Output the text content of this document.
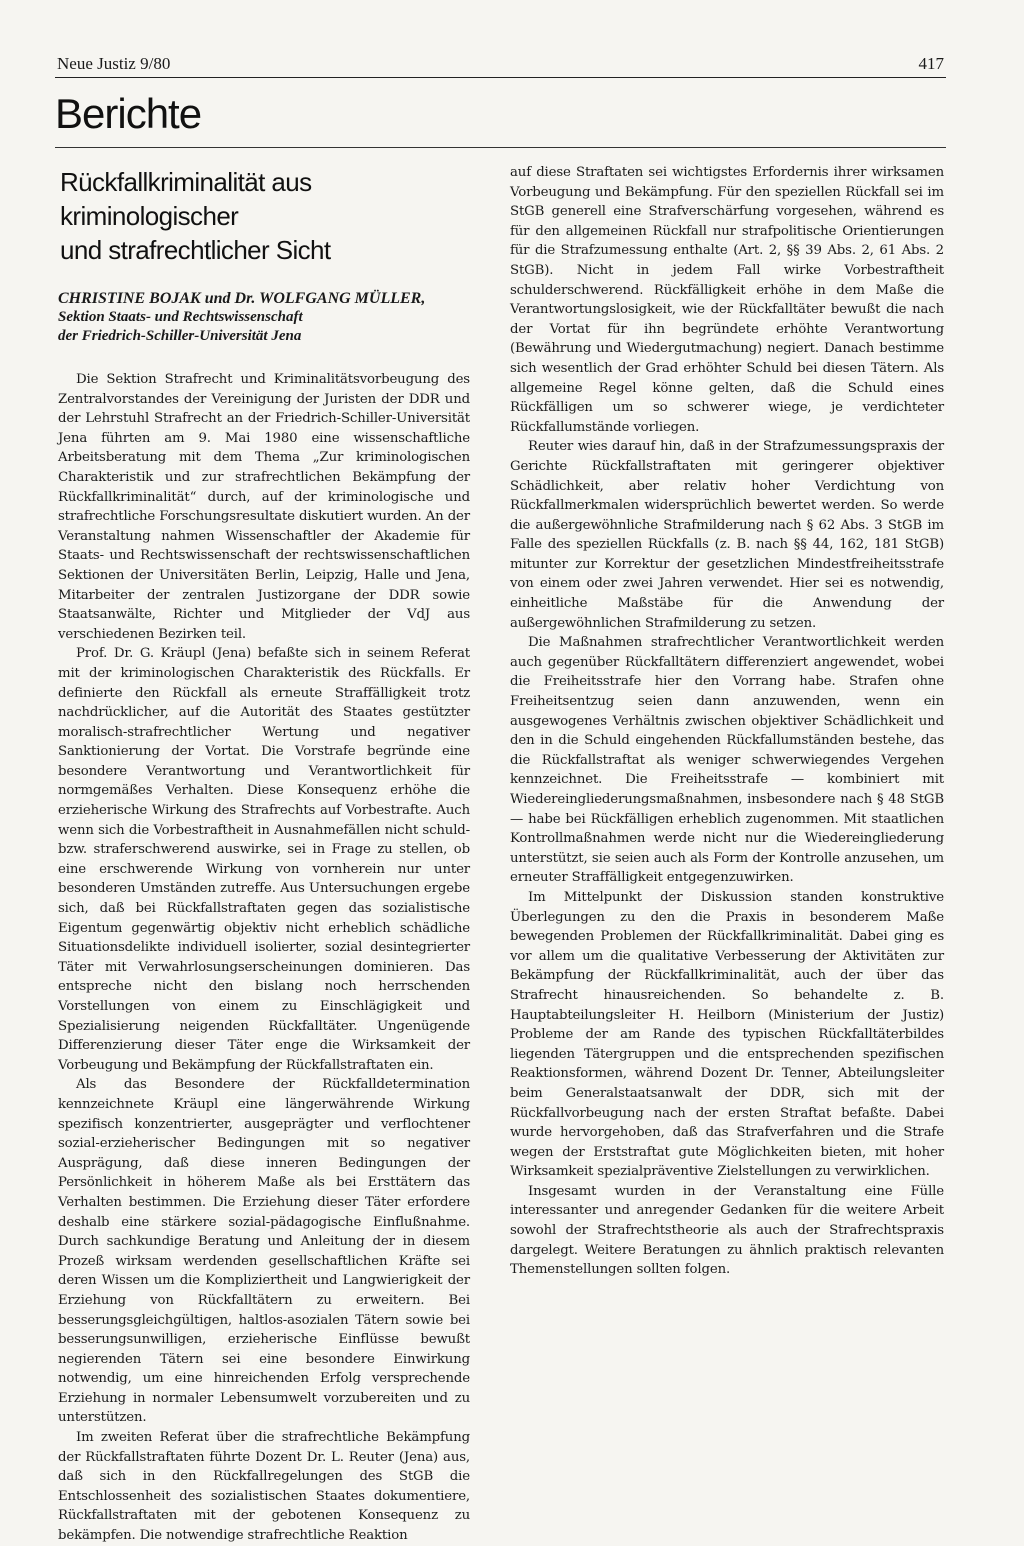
Neue Justiz 9/80	417
Berichte
Rückfallkriminalität aus kriminologischer
und strafrechtlicher Sicht
CHRISTINE BOJAK und Dr. WOLFGANG MÜLLER,
Sektion Staats- und Rechtswissenschaft
der Friedrich-Schiller-Universität Jena

Die Sektion Strafrecht und Kriminalitätsvorbeugung des Zentralvorstandes der Vereinigung der Juristen der DDR und der Lehrstuhl Strafrecht an der Friedrich-Schiller-Universität Jena führten am 9. Mai 1980 eine wissenschaftliche Arbeitsberatung mit dem Thema „Zur kriminologischen Charakteristik und zur strafrechtlichen Bekämpfung der Rückfallkriminalität“ durch, auf der kriminologische und strafrechtliche Forschungsresultate diskutiert wurden. An der Veranstaltung nahmen Wissenschaftler der Akademie für Staats- und Rechtswissenschaft der rechtswissenschaftlichen Sektionen der Universitäten Berlin, Leipzig, Halle und Jena, Mitarbeiter der zentralen Justizorgane der DDR sowie Staatsanwälte, Richter und Mitglieder der VdJ aus verschiedenen Bezirken teil.

Prof. Dr. G. Kräupl (Jena) befaßte sich in seinem Referat mit der kriminologischen Charakteristik des Rückfalls. Er definierte den Rückfall als erneute Straffälligkeit trotz nachdrücklicher, auf die Autorität des Staates gestützter moralisch-strafrechtlicher Wertung und negativer Sanktionierung der Vortat. Die Vorstrafe begründe eine besondere Verantwortung und Verantwortlichkeit für normgemäßes Verhalten. Diese Konsequenz erhöhe die erzieherische Wirkung des Strafrechts auf Vorbestrafte. Auch wenn sich die Vorbestraftheit in Ausnahmefällen nicht schuld- bzw. straferschwerend auswirke, sei in Frage zu stellen, ob eine erschwerende Wirkung von vornherein nur unter besonderen Umständen zutreffe. Aus Untersuchungen ergebe sich, daß bei Rückfallstraftaten gegen das sozialistische Eigentum gegenwärtig objektiv nicht erheblich schädliche Situationsdelikte individuell isolierter, sozial desintegrierter Täter mit Verwahrlosungserscheinungen dominieren. Das entspreche nicht den bislang noch herrschenden Vorstellungen von einem zu Einschlägigkeit und Spezialisierung neigenden Rückfalltäter. Ungenügende Differenzierung dieser Täter enge die Wirksamkeit der Vorbeugung und Bekämpfung der Rückfallstraftaten ein.

Als das Besondere der Rückfalldetermination kennzeichnete Kräupl eine längerwährende Wirkung spezifisch konzentrierter, ausgeprägter und verflochtener sozial-erzieherischer Bedingungen mit so negativer Ausprägung, daß diese inneren Bedingungen der Persönlichkeit in höherem Maße als bei Ersttätern das Verhalten bestimmen. Die Erziehung dieser Täter erfordere deshalb eine stärkere sozial-pädagogische Einflußnahme. Durch sachkundige Beratung und Anleitung der in diesem Prozeß wirksam werdenden gesellschaftlichen Kräfte sei deren Wissen um die Kompliziertheit und Langwierigkeit der Erziehung von Rückfalltätern zu erweitern. Bei besserungsgleichgültigen, haltlos-asozialen Tätern sowie bei besserungsunwilligen, erzieherische Einflüsse bewußt negierenden Tätern sei eine besondere Einwirkung notwendig, um eine hinreichenden Erfolg versprechende Erziehung in normaler Lebensumwelt vorzubereiten und zu unterstützen.

Im zweiten Referat über die strafrechtliche Bekämpfung der Rückfallstraftaten führte Dozent Dr. L. Reuter (Jena) aus, daß sich in den Rückfallregelungen des StGB die Entschlossenheit des sozialistischen Staates dokumentiere, Rückfallstraftaten mit der gebotenen Konsequenz zu bekämpfen. Die notwendige strafrechtliche Reaktion

auf diese Straftaten sei wichtigstes Erfordernis ihrer wirksamen Vorbeugung und Bekämpfung. Für den speziellen Rückfall sei im StGB generell eine Strafverschärfung vorgesehen, während es für den allgemeinen Rückfall nur strafpolitische Orientierungen für die Strafzumessung enthalte (Art. 2, §§ 39 Abs. 2, 61 Abs. 2 StGB). Nicht in jedem Fall wirke Vorbestraftheit schulderschwerend. Rückfälligkeit erhöhe in dem Maße die Verantwortungslosigkeit, wie der Rückfalltäter bewußt die nach der Vortat für ihn begründete erhöhte Verantwortung (Bewährung und Wiedergutmachung) negiert. Danach bestimme sich wesentlich der Grad erhöhter Schuld bei diesen Tätern. Als allgemeine Regel könne gelten, daß die Schuld eines Rückfälligen um so schwerer wiege, je verdichteter Rückfallumstände vorliegen.

Reuter wies darauf hin, daß in der Strafzumessungspraxis der Gerichte Rückfallstraftaten mit geringerer objektiver Schädlichkeit, aber relativ hoher Verdichtung von Rückfallmerkmalen widersprüchlich bewertet werden. So werde die außergewöhnliche Strafmilderung nach § 62 Abs. 3 StGB im Falle des speziellen Rückfalls (z. B. nach §§ 44, 162, 181 StGB) mitunter zur Korrektur der gesetzlichen Mindestfreiheitsstrafe von einem oder zwei Jahren verwendet. Hier sei es notwendig, einheitliche Maßstäbe für die Anwendung der außergewöhnlichen Strafmilderung zu setzen.

Die Maßnahmen strafrechtlicher Verantwortlichkeit werden auch gegenüber Rückfalltätern differenziert angewendet, wobei die Freiheitsstrafe hier den Vorrang habe. Strafen ohne Freiheitsentzug seien dann anzuwenden, wenn ein ausgewogenes Verhältnis zwischen objektiver Schädlichkeit und den in die Schuld eingehenden Rückfallumständen bestehe, das die Rückfallstraftat als weniger schwerwiegendes Vergehen kennzeichnet. Die Freiheitsstrafe — kombiniert mit Wiedereingliederungsmaßnahmen, insbesondere nach § 48 StGB — habe bei Rückfälligen erheblich zugenommen. Mit staatlichen Kontrollmaßnahmen werde nicht nur die Wiedereingliederung unterstützt, sie seien auch als Form der Kontrolle anzusehen, um erneuter Straffälligkeit entgegenzuwirken.

Im Mittelpunkt der Diskussion standen konstruktive Überlegungen zu den die Praxis in besonderem Maße bewegenden Problemen der Rückfallkriminalität. Dabei ging es vor allem um die qualitative Verbesserung der Aktivitäten zur Bekämpfung der Rückfallkriminalität, auch der über das Strafrecht hinausreichenden. So behandelte z. B. Hauptabteilungsleiter H. Heilborn (Ministerium der Justiz) Probleme der am Rande des typischen Rückfalltäterbildes liegenden Tätergruppen und die entsprechenden spezifischen Reaktionsformen, während Dozent Dr. Tenner, Abteilungsleiter beim Generalstaatsanwalt der DDR, sich mit der Rückfallvorbeugung nach der ersten Straftat befaßte. Dabei wurde hervorgehoben, daß das Strafverfahren und die Strafe wegen der Erststraftat gute Möglichkeiten bieten, mit hoher Wirksamkeit spezialpräventive Zielstellungen zu verwirklichen.

Insgesamt wurden in der Veranstaltung eine Fülle interessanter und anregender Gedanken für die weitere Arbeit sowohl der Strafrechtstheorie als auch der Strafrechtspraxis dargelegt. Weitere Beratungen zu ähnlich praktisch relevanten Themenstellungen sollten folgen.
